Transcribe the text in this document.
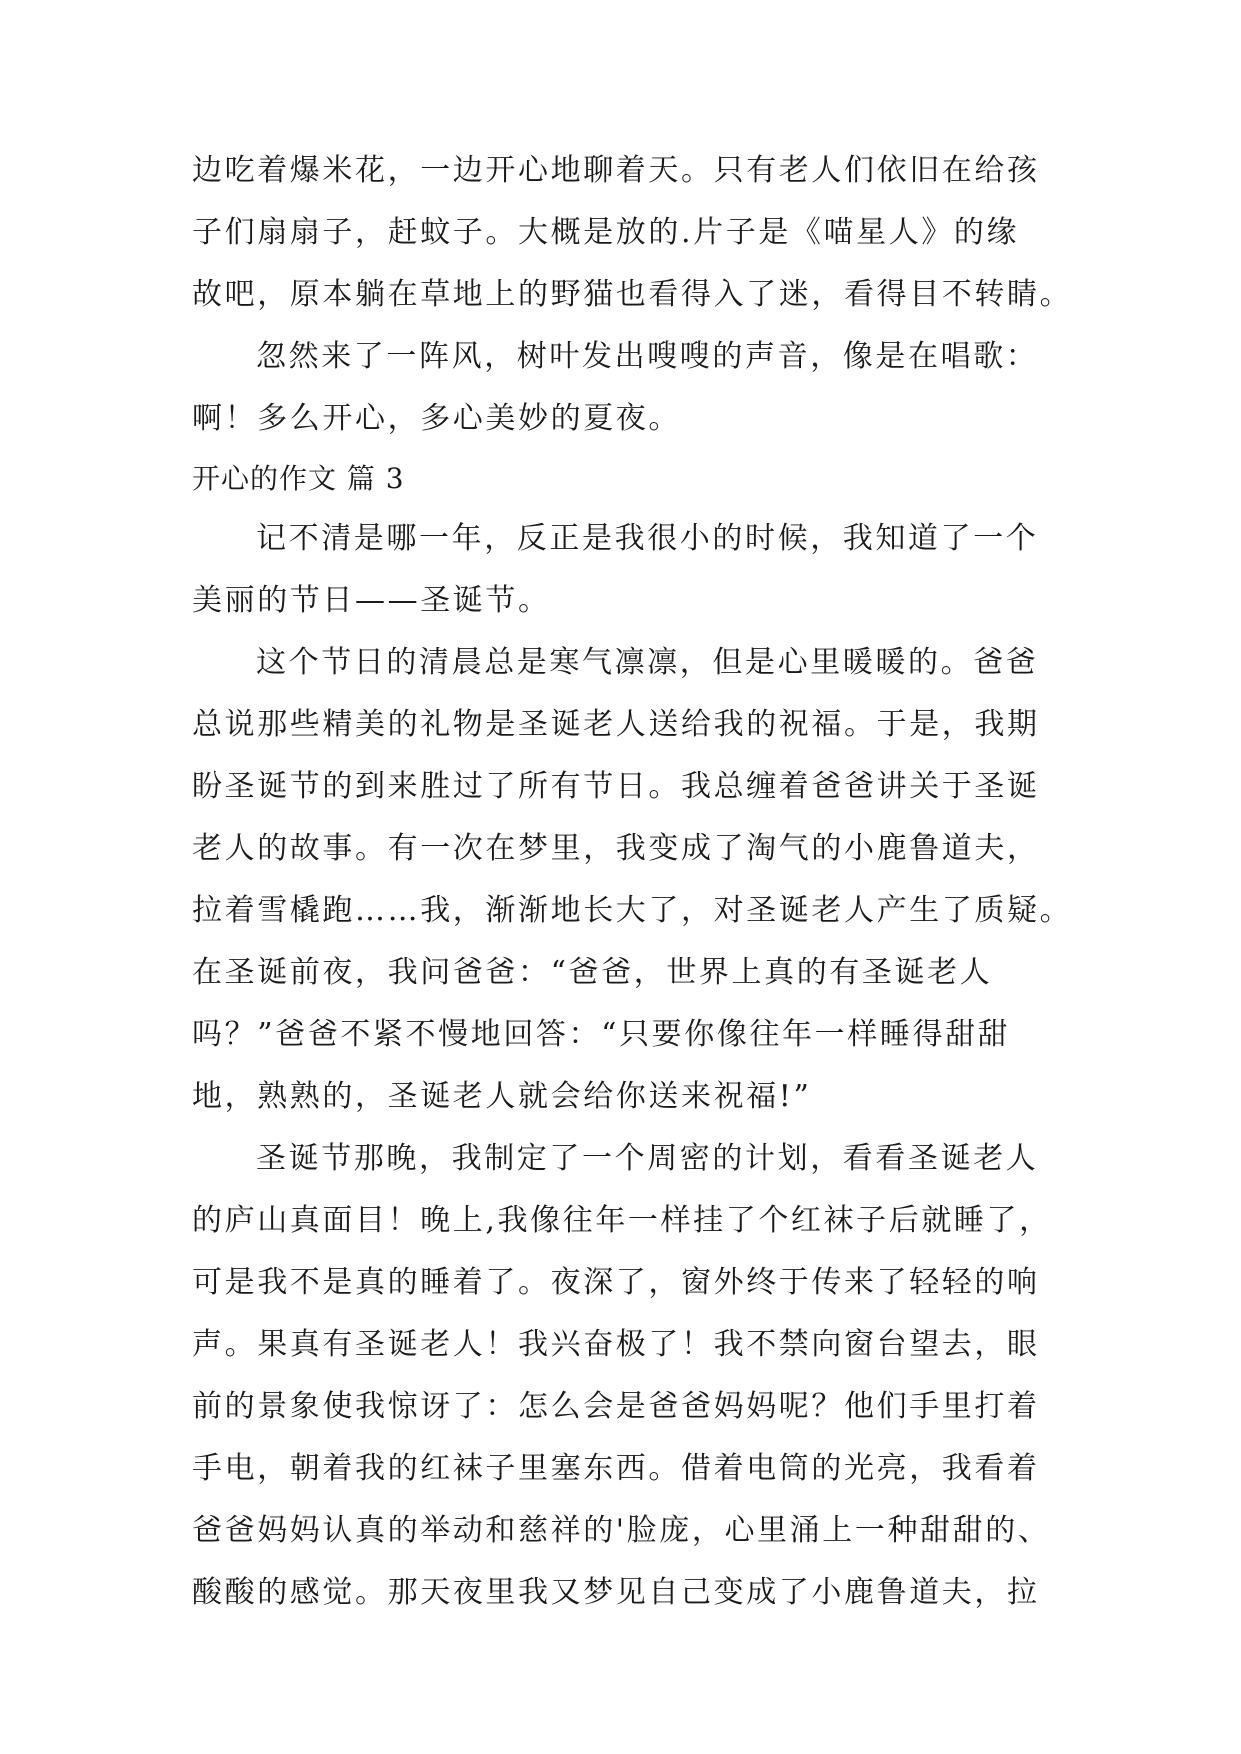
边吃着爆米花，一边开心地聊着天。只有老人们依旧在给孩
子们扇扇子，赶蚊子。大概是放的.片子是《喵星人》的缘
故吧，原本躺在草地上的野猫也看得入了迷，看得目不转睛。
忽然来了一阵风，树叶发出嗖嗖的声音，像是在唱歌：
啊！多么开心，多心美妙的夏夜。
开心的作文 篇 3
记不清是哪一年，反正是我很小的时候，我知道了一个
美丽的节日——圣诞节。
这个节日的清晨总是寒气凛凛，但是心里暖暖的。爸爸
总说那些精美的礼物是圣诞老人送给我的祝福。于是，我期
盼圣诞节的到来胜过了所有节日。我总缠着爸爸讲关于圣诞
老人的故事。有一次在梦里，我变成了淘气的小鹿鲁道夫，
拉着雪橇跑……我，渐渐地长大了，对圣诞老人产生了质疑。
在圣诞前夜，我问爸爸：“爸爸，世界上真的有圣诞老人
吗？”爸爸不紧不慢地回答：“只要你像往年一样睡得甜甜
地，熟熟的，圣诞老人就会给你送来祝福!”
圣诞节那晚，我制定了一个周密的计划，看看圣诞老人
的庐山真面目！晚上,我像往年一样挂了个红袜子后就睡了，
可是我不是真的睡着了。夜深了，窗外终于传来了轻轻的响
声。果真有圣诞老人！我兴奋极了！我不禁向窗台望去，眼
前的景象使我惊讶了：怎么会是爸爸妈妈呢？他们手里打着
手电，朝着我的红袜子里塞东西。借着电筒的光亮，我看着
爸爸妈妈认真的举动和慈祥的'脸庞，心里涌上一种甜甜的、
酸酸的感觉。那天夜里我又梦见自己变成了小鹿鲁道夫，拉
